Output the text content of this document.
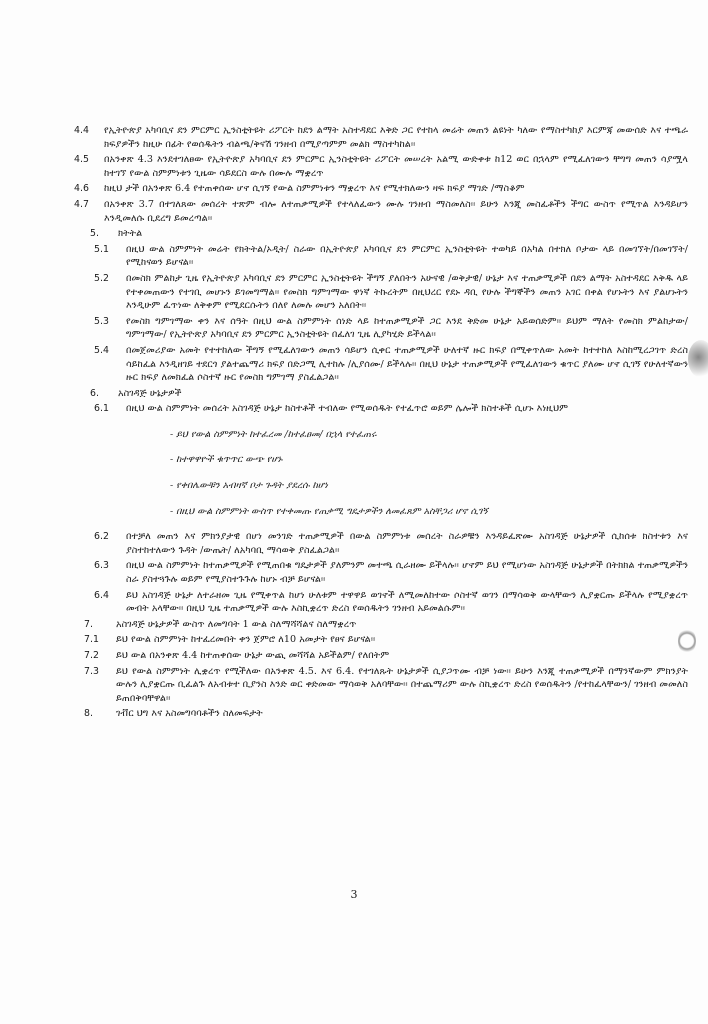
4.4	የኢትዮጵያ አካባቢና ደን ምርምር ኢንስቲትዩት ሪፖርት ከደን ልማት አስተዳደር እቅድ ጋር የተከላ መሬት መጠን ልዩነት ካለው የማስተካከያ እርምጃ መውሰድ እና ተጫራ ክፍያዎችን ከዚሁ በፊት የወሰዱትን ብልጫ/ቅናሽ ገንዘብ በሚያጣምም መልክ ማስተካከል፡፡
4.5	በአንቀጽ 4.3 እንደተገለፀው የኢትዮጵያ አካባቢና ደን ምርምር ኢንስቲትዩት ሪፖርት መሠረት አልሚ ውድቀቱ ከ12 ወር በኋላም የሚፈለገውን ቸግግ መጠን ሳያሟላ ከተገኘ የውል ስምምነቱን ጊዜው ሳይደርስ ውሉ በሙሉ ማቋረጥ
4.6	ከዚህ ታች በአንቀጽ 6.4 የተጠቀሰው ሆኖ ሲገኝ የውል ስምምነቱን ማቋረጥ እና የሚተክለውን ዛፍ ክፍያ ማገድ /ማስቆም
4.7	በአንቀጽ 3.7 በተገለጸው መሰረት ተጽም ብሎ ለተጠቃሚዎች የተላለፈውን ሙሉ ገንዘብ ማስመለስ፡፡ ይሁን እንጂ መስፈቶችን ችግር ውስጥ የሚጥል እንዳይሆን እንዲመለሱ ቢደረግ ይመረጣል፡፡
5.	ክትትል
5.1	በዚህ ውል ስምምነት መሬት የክትትል/ኦዲት/ ስራው በኢትዮጵያ አካባቢና ደን ምርምር ኢንስቲትዩት ተወካይ በአካል በተክለ ቦታው ላይ በመገኘት/በመገኘት/ የሚከናወን ይሆናል፡፡
5.2	በመስክ ምልከታ ጊዜ የኢትዮጵያ አካባቢና ደን ምርምር ኢንስቲትዩት ችግኝ ያለበትን አሁናዊ /ወቅታዊ/ ሁኔታ እና ተጠቃሚዎች በደን ልማት አስተዳደር እቅዱ ላይ የተቀመጠውን የተገቢ መሆኑን ይገመግማል፡፡ የመስክ ግምገማው ዋነኛ ትኩረትም በዚህረር የደኑ ዳቢ የሁሉ ችግኞችን መጠን አገር በቀል የሆኑትን እና ያልሆኑትን እንዲሁም ፈጥነው ለቅቀም የሚደርሱትን በለየ ለመሉ መሆን አለበት፡፡
5.3	የመስክ ግምገማው ቀን እና ሰዓት በዚህ ውል ስምምነት ሰነድ ላይ ከተጠቃሚዎች ጋር እንደ ቅድመ ሁኔታ አይወሰድም፡፡ ይህም ማለት የመስክ ምልከታው/ግምገማው/ የኢትዮጵያ አካባቢና ደን ምርምር ኢንስቲትዩት በፈለገ ጊዜ ሊያካሂድ ይችላል፡፡
5.4	በመጀመሪያው አመት የተተከለው ችግኝ የሚፈለገውን መጠን ሳይሆን ሲቀር ተጠቃሚዎች ሁለተኛ ዙር ክፍያ በሚቀጥለው አመት ከተተከለ እስከሚረጋገጥ ድረስ ሳይከፈል እንዲዘገይ ተደርጎ ያልተጨማሪ ክፍያ በድጋሚ ሊተከሉ /ሊያሰሙ/ ይችላሉ፡፡ በዚህ ሁኔታ ተጠቃሚዎች የሚፈለገውን ቁጥር ያለሙ ሆኖ ሲገኝ የሁለተኛውን ዙር ክፍያ ለመክፈል ሶስተኛ ዙር የመስክ ግምገማ ያስፈልጋል፡፡
6.	አስገዳጅ ሁኔታዎች
6.1	በዚህ ውል ስምምነት መሰረት አስገዳጅ ሁኔታ ከስተቶች ተብለው የሚወሰዱት የተፈጥሮ ወይም ሌሎች ክስተቶች ሲሆኑ እነዚህም
- ይህ የውል ስምምነት ከተፈረመ /ከተፈፀመ/ በኋላ የተፈጠሩ
- ከተዋዋዮች ቁጥጥር ውጭ የሆኑ
- የቀበሌውቹን አብዛኛ ቦታ ጉዳት ያደረሱ ከሆነ
- በዚህ ውል ስምምነት ውስጥ የተቀመጡ የጠቃሚ ግዴታዎችን ለመፈጸም አስቸጋሪ ሆኖ ሲገኝ
6.2	በተቻለ መጠን እና ምክንያታዊ በሆነ መንገድ ተጠቃሚዎች በውል ስምምነቱ መሰረት ስራዎቹን እንዳይፈጽሙ አስገዳጅ ሁኔታዎች ሲከሰቱ ክስተቱን እና ያስተከተለውን ጉዳት /ውጤት/ ለአካባቢ ማሳወቅ ያስፈልጋል፡፡
6.3	በዚህ ውል ስምምነት ከተጠቃሚዎች የሚጠበቁ ግዴታዎች ያለምንም መተጫ ሲራዘሙ ይችላሉ፡፡ ሆኖም ይህ የሚሆነው አስገዳጅ ሁኔታዎች በትክክል ተጠቃሚዎችን ስራ ያስተጓጉሉ ወይም የሚያስተጉጉሉ ከሆኑ ብቻ ይሆናል፡፡
6.4	ይህ አስገዳጅ ሁኔታ ለተራዘመ ጊዜ የሚቀጥል ከሆነ ሁለቱም ተዋዋይ ወገኖች ለሚመለከተው ሶስተኛ ወገን በማሳወቅ ውላቸውን ሊያቋርጡ ይችላሉ የሚያቋረጥ መብት አላቸው፡፡ በዚህ ጊዜ ተጠቃሚዎች ውሉ እስኪቋረጥ ድረስ የወሰዱትን ገንዘብ አይመልሱም፡፡
7.	አስገዳጅ ሁኔታዎች ውስጥ ለመግባት 1 ውል ስለማሻሻልና ስለማቋረጥ
7.1	ይህ የውል ስምምነት ከተፈረመበት ቀን ጀምሮ ለ10 አመታት የፀና ይሆናል፡፡
7.2	ይህ ውል በአንቀጽ 4.4 ከተጠቀሰው ሁኔታ ውጪ መሻሻል አይችልም/ የለበትም
7.3	ይህ የውል ስምምነት ሊቋረጥ የሚችለው በአንቀጽ 4.5. እና 6.4. የተገለጹት ሁኔታዎች ሲያጋጥሙ ብቻ ነው፡፡ ይሁን እንጂ ተጠቃሚዎች በማንኛውም ምክንያት ውሉን ሊያቋርጡ ቢፈልጉ ለአብቱተ ቢያንስ እንድ ወር ቀድመው ማሳወቅ አለባቸው፡፡ በተጨማሪም ውሉ ስኪቋረጥ ድረስ የወሰዱትን /የተከፈላቸውን/ ገንዘብ መመለስ ይጠበቅባቸዋል፡፡
8.	ገቭር ህግ እና አስመግባባቶችን ስለመፍታት
3
